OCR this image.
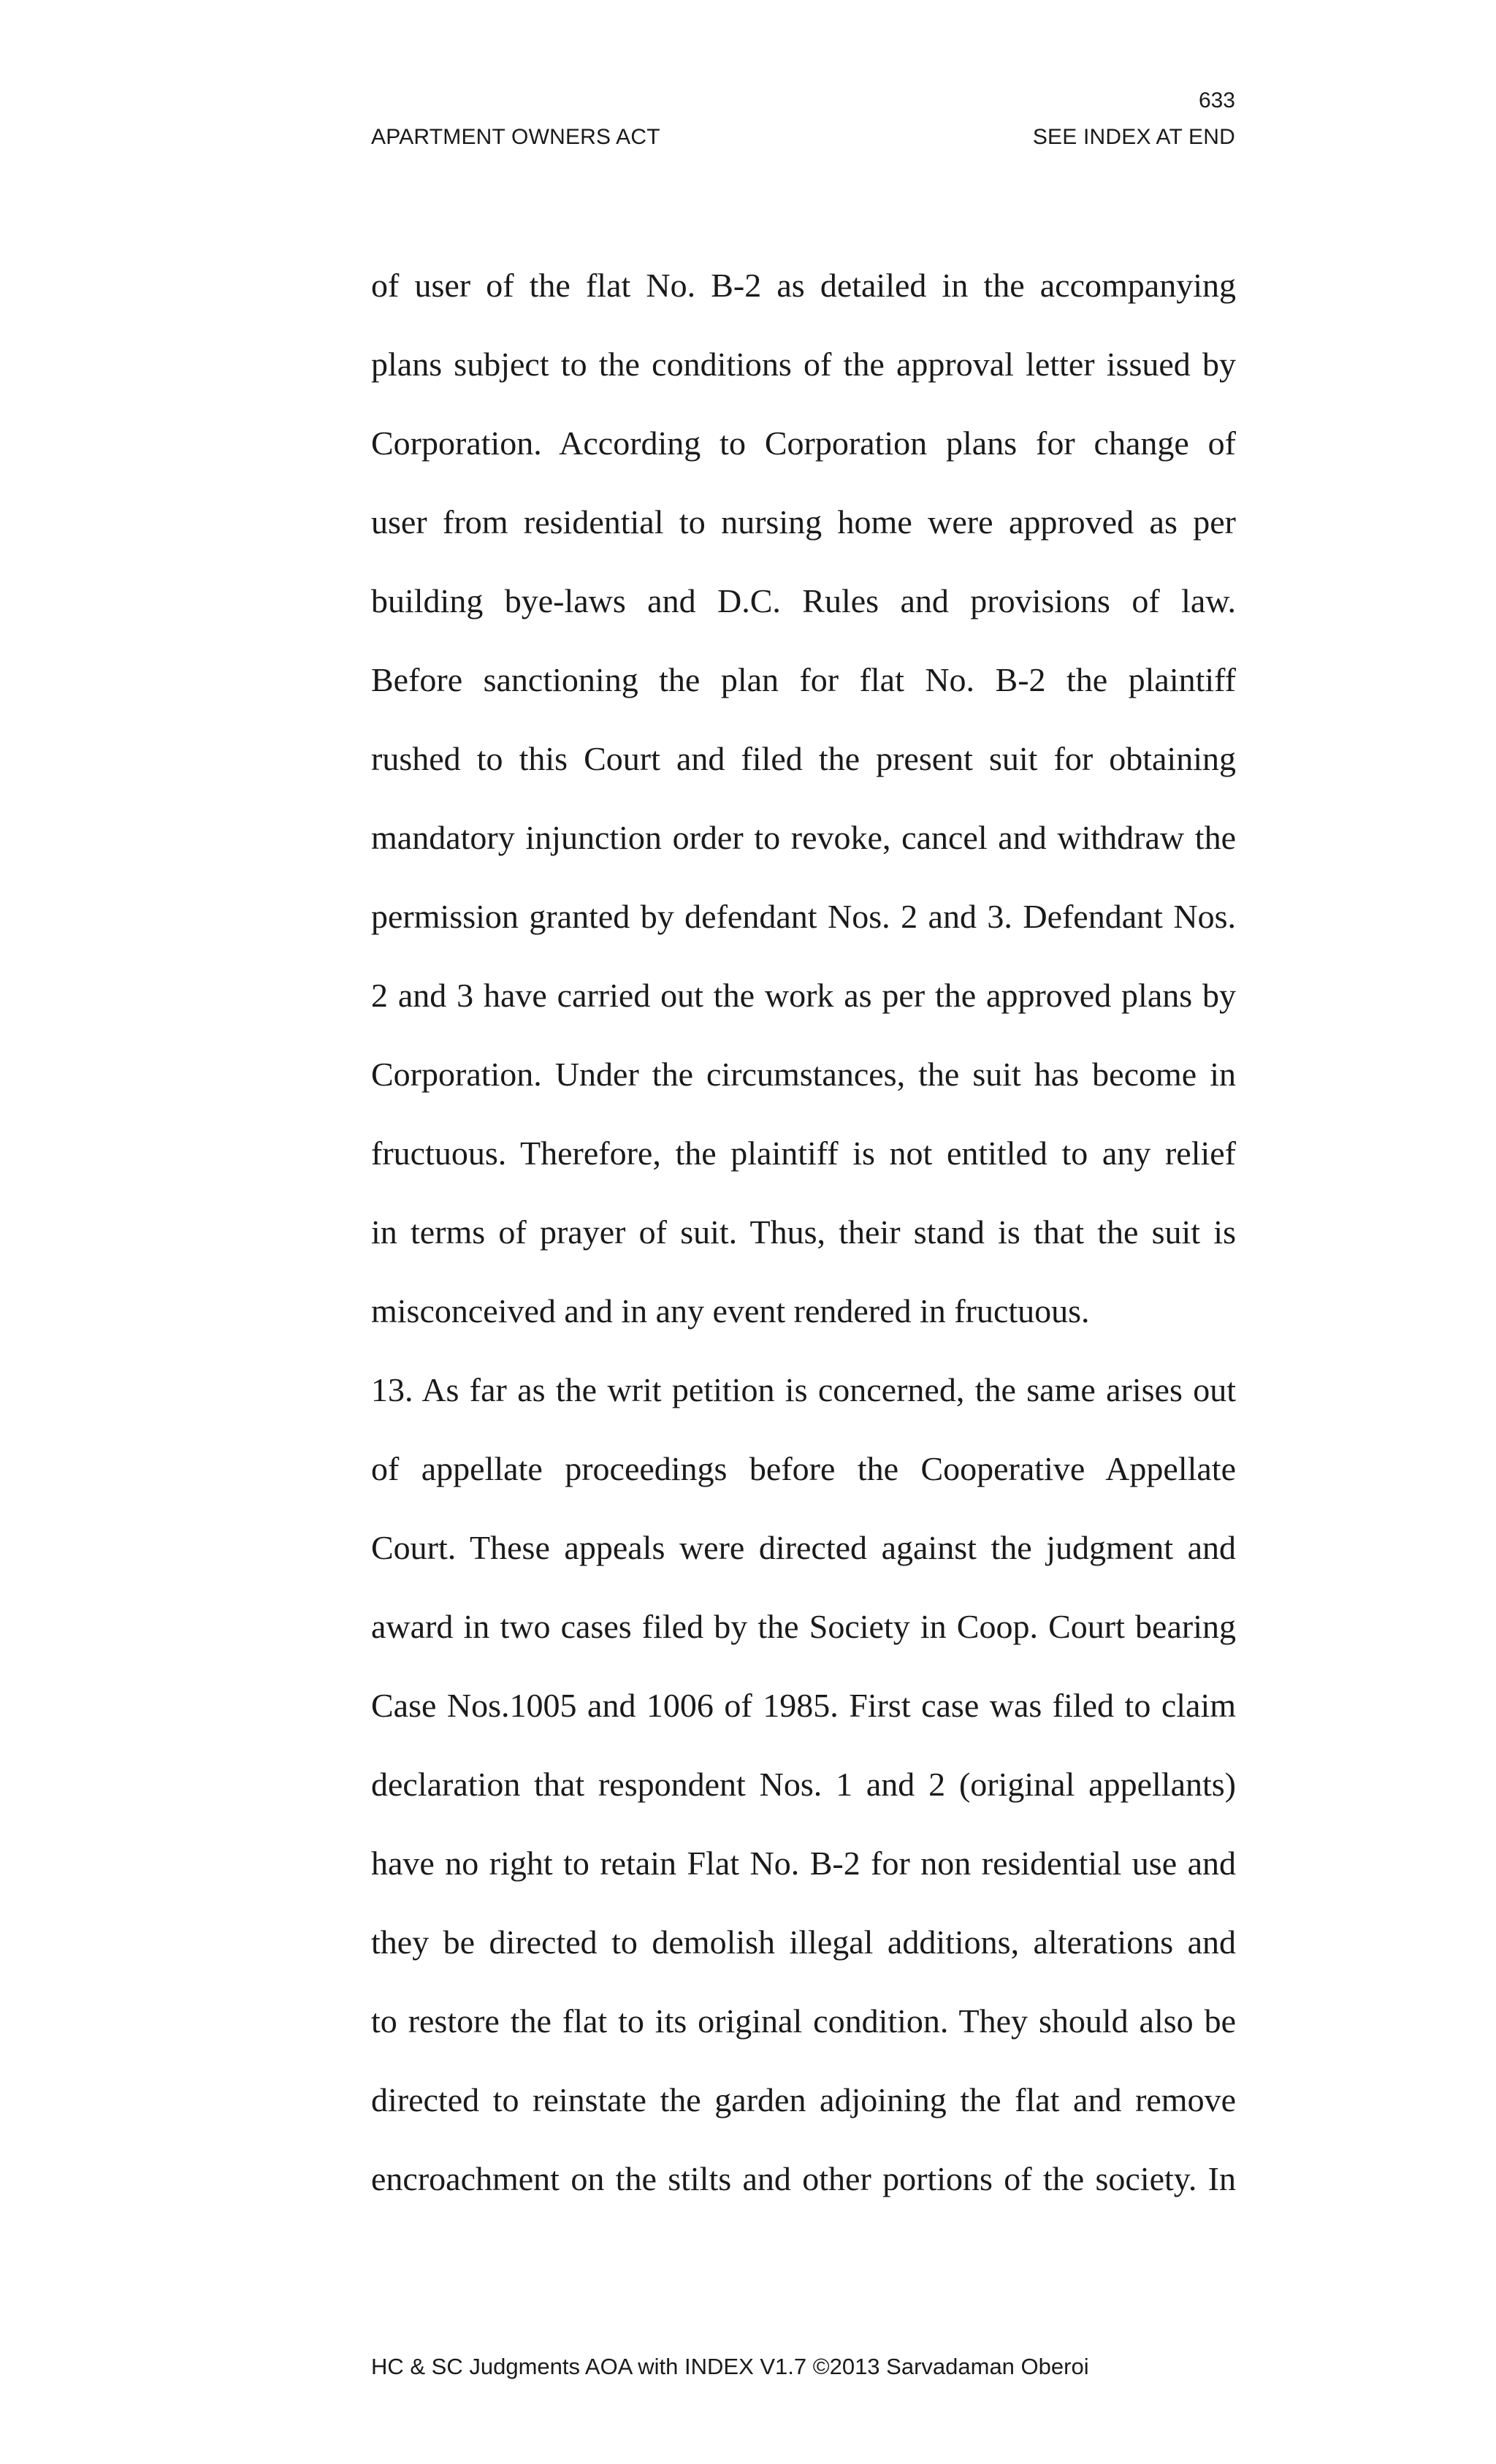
633
APARTMENT OWNERS ACT	SEE INDEX AT END
of user of the flat No. B-2 as detailed in the accompanying
plans subject to the conditions of the approval letter issued by
Corporation. According to Corporation plans for change of
user from residential to nursing home were approved as per
building bye-laws and D.C. Rules and provisions of law.
Before sanctioning the plan for flat No. B-2 the plaintiff
rushed to this Court and filed the present suit for obtaining
mandatory injunction order to revoke, cancel and withdraw the
permission granted by defendant Nos. 2 and 3. Defendant Nos.
2 and 3 have carried out the work as per the approved plans by
Corporation. Under the circumstances, the suit has become in
fructuous. Therefore, the plaintiff is not entitled to any relief
in terms of prayer of suit. Thus, their stand is that the suit is
misconceived and in any event rendered in fructuous.
13. As far as the writ petition is concerned, the same arises out
of appellate proceedings before the Cooperative Appellate
Court. These appeals were directed against the judgment and
award in two cases filed by the Society in Coop. Court bearing
Case Nos.1005 and 1006 of 1985. First case was filed to claim
declaration that respondent Nos. 1 and 2 (original appellants)
have no right to retain Flat No. B-2 for non residential use and
they be directed to demolish illegal additions, alterations and
to restore the flat to its original condition. They should also be
directed to reinstate the garden adjoining the flat and remove
encroachment on the stilts and other portions of the society. In
HC & SC Judgments AOA with INDEX V1.7 ©2013 Sarvadaman Oberoi
